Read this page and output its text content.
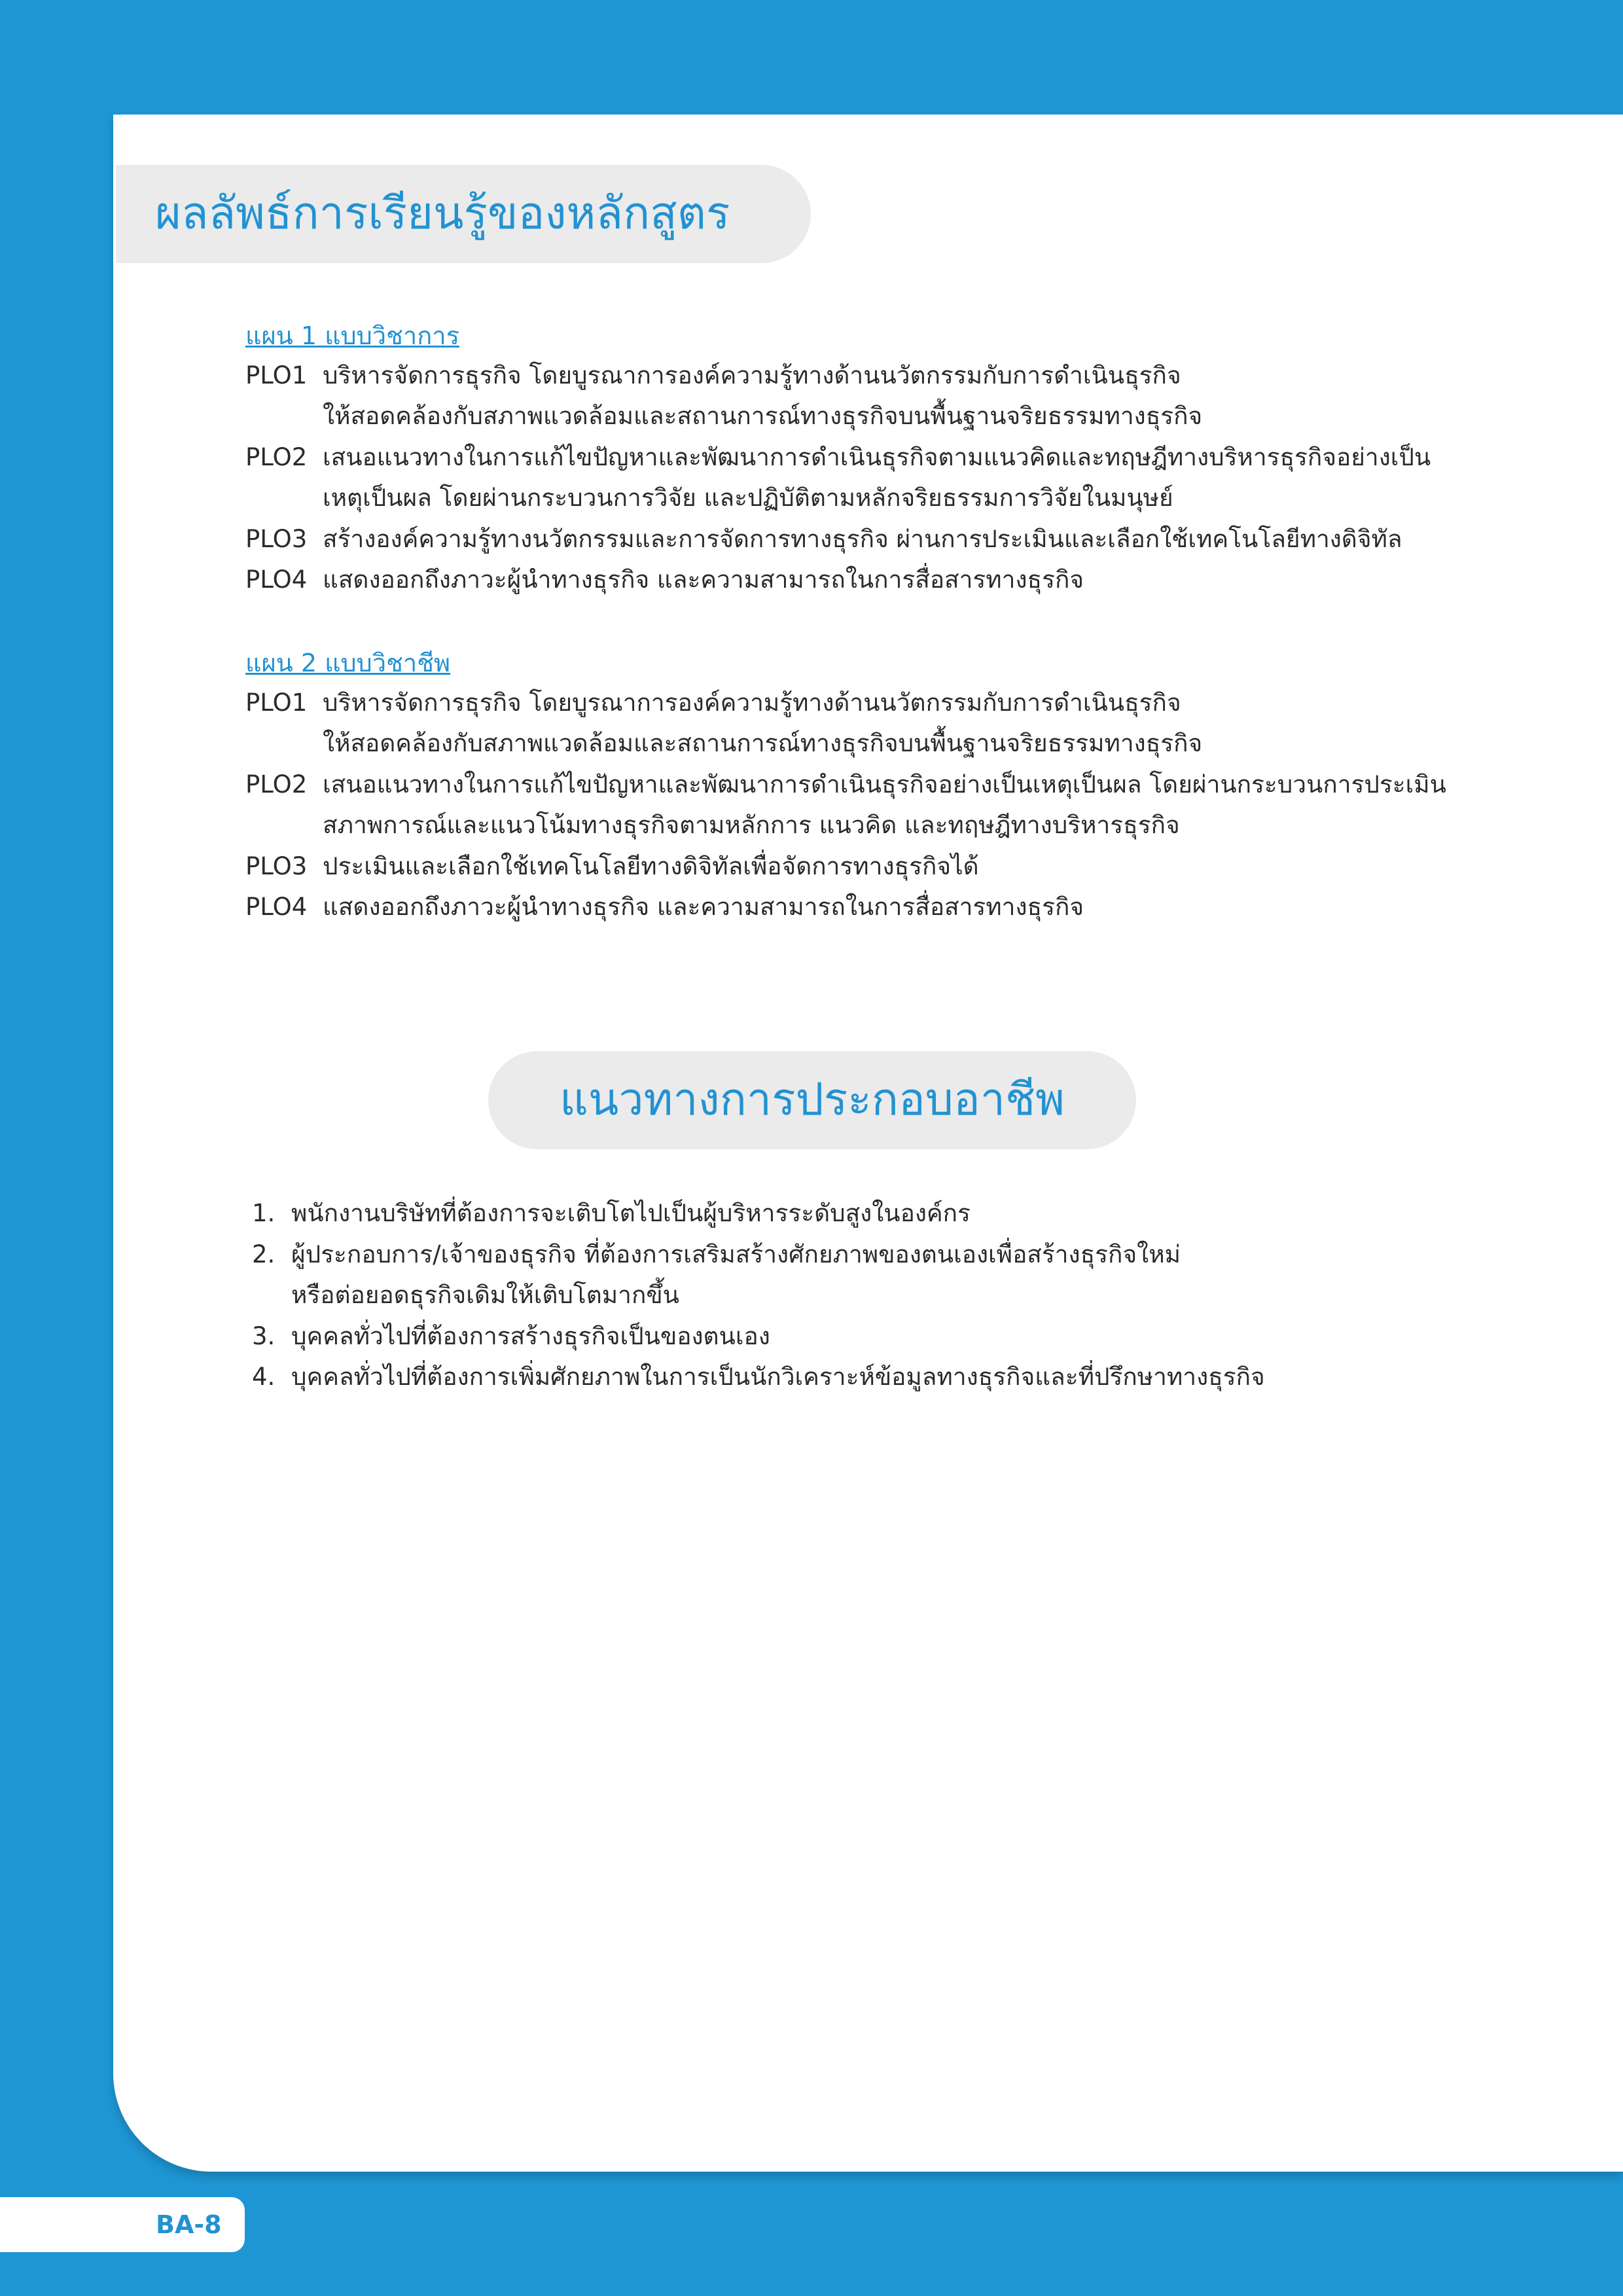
ผลลัพธ์การเรียนรู้ของหลักสูตร
แผน 1 แบบวิชาการ
PLO1 บริหารจัดการธุรกิจ โดยบูรณาการองค์ความรู้ทางด้านนวัตกรรมกับการดำเนินธุรกิจ
ให้สอดคล้องกับสภาพแวดล้อมและสถานการณ์ทางธุรกิจบนพื้นฐานจริยธรรมทางธุรกิจ
PLO2 เสนอแนวทางในการแก้ไขปัญหาและพัฒนาการดำเนินธุรกิจตามแนวคิดและทฤษฎีทางบริหารธุรกิจอย่างเป็น
เหตุเป็นผล โดยผ่านกระบวนการวิจัย และปฏิบัติตามหลักจริยธรรมการวิจัยในมนุษย์
PLO3 สร้างองค์ความรู้ทางนวัตกรรมและการจัดการทางธุรกิจ ผ่านการประเมินและเลือกใช้เทคโนโลยีทางดิจิทัล
PLO4 แสดงออกถึงภาวะผู้นำทางธุรกิจ และความสามารถในการสื่อสารทางธุรกิจ
แผน 2 แบบวิชาชีพ
PLO1 บริหารจัดการธุรกิจ โดยบูรณาการองค์ความรู้ทางด้านนวัตกรรมกับการดำเนินธุรกิจ
ให้สอดคล้องกับสภาพแวดล้อมและสถานการณ์ทางธุรกิจบนพื้นฐานจริยธรรมทางธุรกิจ
PLO2 เสนอแนวทางในการแก้ไขปัญหาและพัฒนาการดำเนินธุรกิจอย่างเป็นเหตุเป็นผล โดยผ่านกระบวนการประเมิน
สภาพการณ์และแนวโน้มทางธุรกิจตามหลักการ แนวคิด และทฤษฎีทางบริหารธุรกิจ
PLO3 ประเมินและเลือกใช้เทคโนโลยีทางดิจิทัลเพื่อจัดการทางธุรกิจได้
PLO4 แสดงออกถึงภาวะผู้นำทางธุรกิจ และความสามารถในการสื่อสารทางธุรกิจ
แนวทางการประกอบอาชีพ
1. พนักงานบริษัทที่ต้องการจะเติบโตไปเป็นผู้บริหารระดับสูงในองค์กร
2. ผู้ประกอบการ/เจ้าของธุรกิจ ที่ต้องการเสริมสร้างศักยภาพของตนเองเพื่อสร้างธุรกิจใหม่
หรือต่อยอดธุรกิจเดิมให้เติบโตมากขึ้น
3. บุคคลทั่วไปที่ต้องการสร้างธุรกิจเป็นของตนเอง
4. บุคคลทั่วไปที่ต้องการเพิ่มศักยภาพในการเป็นนักวิเคราะห์ข้อมูลทางธุรกิจและที่ปรึกษาทางธุรกิจ
BA-8
